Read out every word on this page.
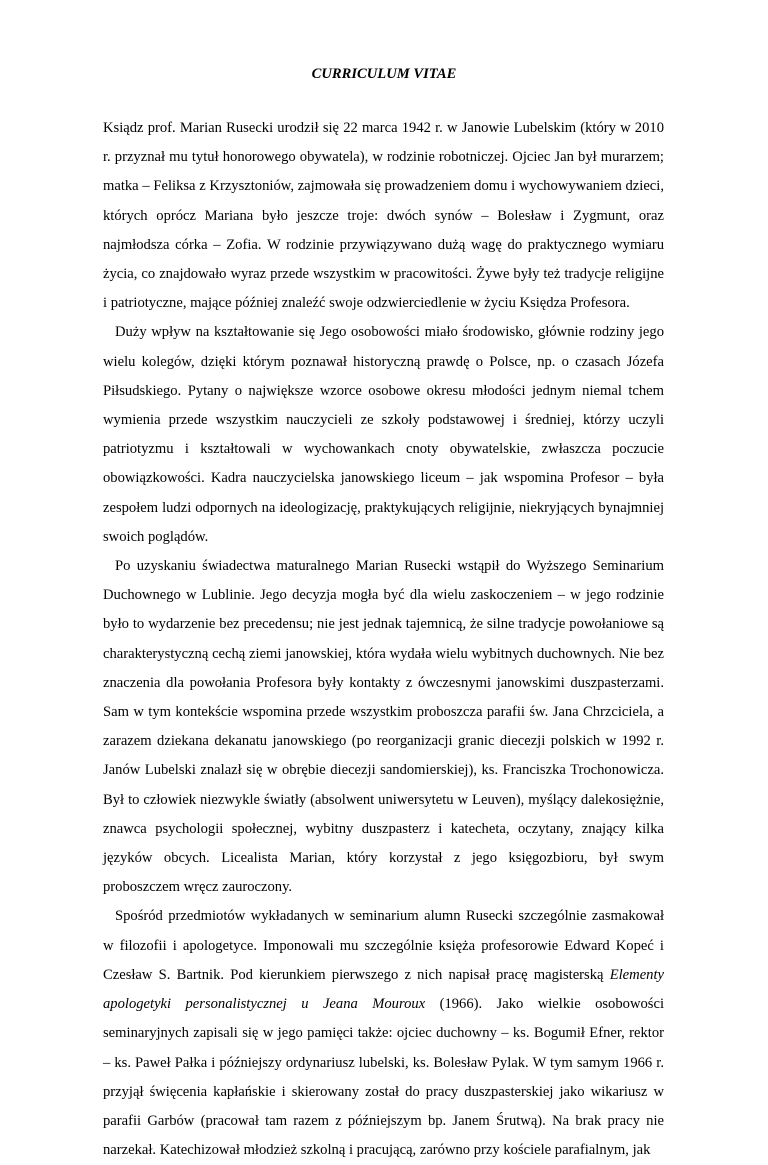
CURRICULUM VITAE

Ksiądz prof. Marian Rusecki urodził się 22 marca 1942 r. w Janowie Lubelskim (który w 2010 r. przyznał mu tytuł honorowego obywatela), w rodzinie robotniczej. Ojciec Jan był murarzem; matka – Feliksa z Krzysztoniów, zajmowała się prowadzeniem domu i wychowywaniem dzieci, których oprócz Mariana było jeszcze troje: dwóch synów – Bolesław i Zygmunt, oraz najmłodsza córka – Zofia. W rodzinie przywiązywano dużą wagę do praktycznego wymiaru życia, co znajdowało wyraz przede wszystkim w pracowitości. Żywe były też tradycje religijne i patriotyczne, mające później znaleźć swoje odzwierciedlenie w życiu Księdza Profesora.

Duży wpływ na kształtowanie się Jego osobowości miało środowisko, głównie rodziny jego wielu kolegów, dzięki którym poznawał historyczną prawdę o Polsce, np. o czasach Józefa Piłsudskiego. Pytany o największe wzorce osobowe okresu młodości jednym niemal tchem wymienia przede wszystkim nauczycieli ze szkoły podstawowej i średniej, którzy uczyli patriotyzmu i kształtowali w wychowankach cnoty obywatelskie, zwłaszcza poczucie obowiązkowości. Kadra nauczycielska janowskiego liceum – jak wspomina Profesor – była zespołem ludzi odpornych na ideologizację, praktykujących religijnie, niekryjących bynajmniej swoich poglądów.

Po uzyskaniu świadectwa maturalnego Marian Rusecki wstąpił do Wyższego Seminarium Duchownego w Lublinie. Jego decyzja mogła być dla wielu zaskoczeniem – w jego rodzinie było to wydarzenie bez precedensu; nie jest jednak tajemnicą, że silne tradycje powołaniowe są charakterystyczną cechą ziemi janowskiej, która wydała wielu wybitnych duchownych. Nie bez znaczenia dla powołania Profesora były kontakty z ówczesnymi janowskimi duszpasterzami. Sam w tym kontekście wspomina przede wszystkim proboszcza parafii św. Jana Chrzciciela, a zarazem dziekana dekanatu janowskiego (po reorganizacji granic diecezji polskich w 1992 r. Janów Lubelski znalazł się w obrębie diecezji sandomierskiej), ks. Franciszka Trochonowicza. Był to człowiek niezwykle światły (absolwent uniwersytetu w Leuven), myślący dalekosiężnie, znawca psychologii społecznej, wybitny duszpasterz i katecheta, oczytany, znający kilka języków obcych. Licealista Marian, który korzystał z jego księgozbioru, był swym proboszczem wręcz zauroczony.

Spośród przedmiotów wykładanych w seminarium alumn Rusecki szczególnie zasmakował w filozofii i apologetyce. Imponowali mu szczególnie księża profesorowie Edward Kopeć i Czesław S. Bartnik. Pod kierunkiem pierwszego z nich napisał pracę magisterską Elementy apologetyki personalistycznej u Jeana Mouroux (1966). Jako wielkie osobowości seminaryjnych zapisali się w jego pamięci także: ojciec duchowny – ks. Bogumił Efner, rektor – ks. Paweł Pałka i późniejszy ordynariusz lubelski, ks. Bolesław Pylak. W tym samym 1966 r. przyjął święcenia kapłańskie i skierowany został do pracy duszpasterskiej jako wikariusz w parafii Garbów (pracował tam razem z późniejszym bp. Janem Śrutwą). Na brak pracy nie narzekał. Katechizował młodzież szkolną i pracującą, zarówno przy kościele parafialnym, jak
